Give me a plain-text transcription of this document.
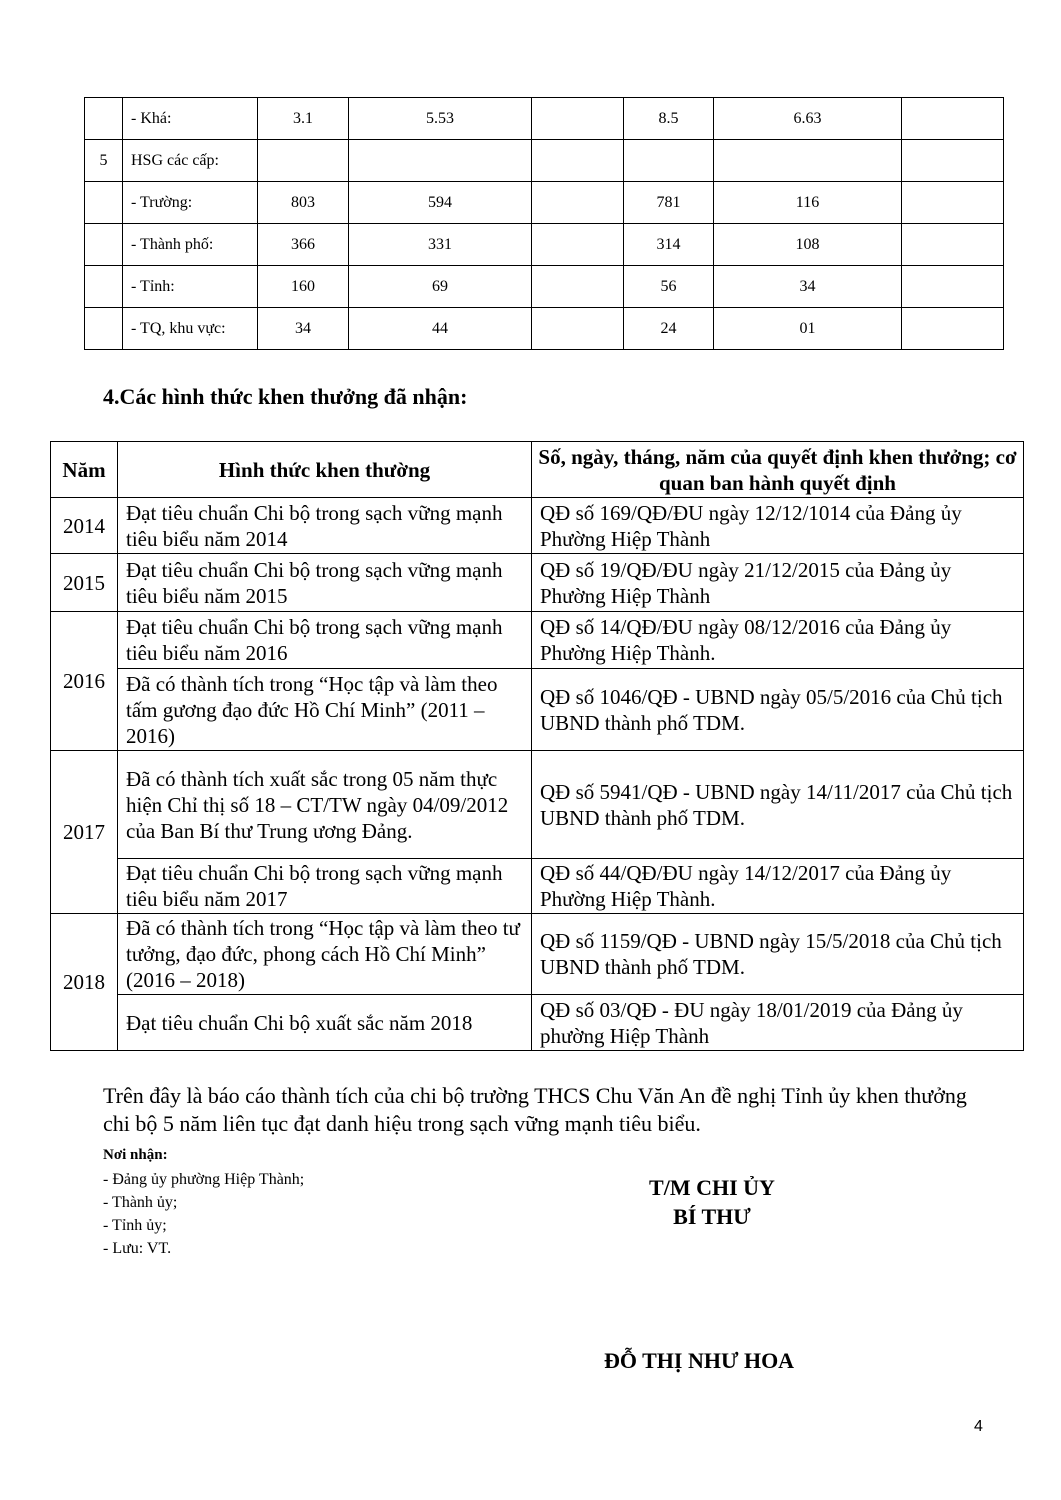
	- Khá:	3.1	5.53		8.5	6.63	
5	HSG các cấp:						
	- Trường:	803	594		781	116	
	- Thành phố:	366	331		314	108	
	- Tỉnh:	160	69		56	34	
	- TQ, khu vực:	34	44		24	01	
4.Các hình thức khen thưởng đã nhận:
Năm	Hình thức khen thường	Số, ngày, tháng, năm của quyết định khen thưởng; cơ quan ban hành quyết định
2014	Đạt tiêu chuẩn Chi bộ trong sạch vững mạnh tiêu biểu năm 2014	QĐ số 169/QĐ/ĐU ngày 12/12/1014 của Đảng ủy Phường Hiệp Thành
2015	Đạt tiêu chuẩn Chi bộ trong sạch vững mạnh tiêu biểu năm 2015	QĐ số 19/QĐ/ĐU ngày 21/12/2015 của Đảng ủy Phường Hiệp Thành
2016	Đạt tiêu chuẩn Chi bộ trong sạch vững mạnh tiêu biểu năm 2016	QĐ số 14/QĐ/ĐU ngày 08/12/2016 của Đảng ủy Phường Hiệp Thành.
	Đã có thành tích trong “Học tập và làm theo tấm gương đạo đức Hồ Chí Minh” (2011 – 2016)	QĐ số 1046/QĐ - UBND ngày 05/5/2016 của Chủ tịch UBND thành phố TDM.
2017	Đã có thành tích xuất sắc trong 05 năm thực hiện Chỉ thị số 18 – CT/TW ngày 04/09/2012 của Ban Bí thư Trung ương Đảng.	QĐ số 5941/QĐ - UBND ngày 14/11/2017 của Chủ tịch UBND thành phố TDM.
	Đạt tiêu chuẩn Chi bộ trong sạch vững mạnh tiêu biểu năm 2017	QĐ số 44/QĐ/ĐU ngày 14/12/2017 của Đảng ủy Phường Hiệp Thành.
2018	Đã có thành tích trong “Học tập và làm theo tư tưởng, đạo đức, phong cách Hồ Chí Minh” (2016 – 2018)	QĐ số 1159/QĐ - UBND ngày 15/5/2018 của Chủ tịch UBND thành phố TDM.
	Đạt tiêu chuẩn Chi bộ xuất sắc năm 2018	QĐ số 03/QĐ - ĐU ngày 18/01/2019 của Đảng ủy phường Hiệp Thành

Trên đây là báo cáo thành tích của chi bộ trường THCS Chu Văn An đề nghị Tỉnh ủy khen thưởng chi bộ 5 năm liên tục đạt danh hiệu trong sạch vững mạnh tiêu biểu.

Nơi nhận:

- Đảng ủy phường Hiệp Thành;
- Thành ủy;
- Tỉnh ủy;
- Lưu: VT.

T/M CHI ỦY

BÍ THƯ

ĐỖ THỊ NHƯ HOA

4
